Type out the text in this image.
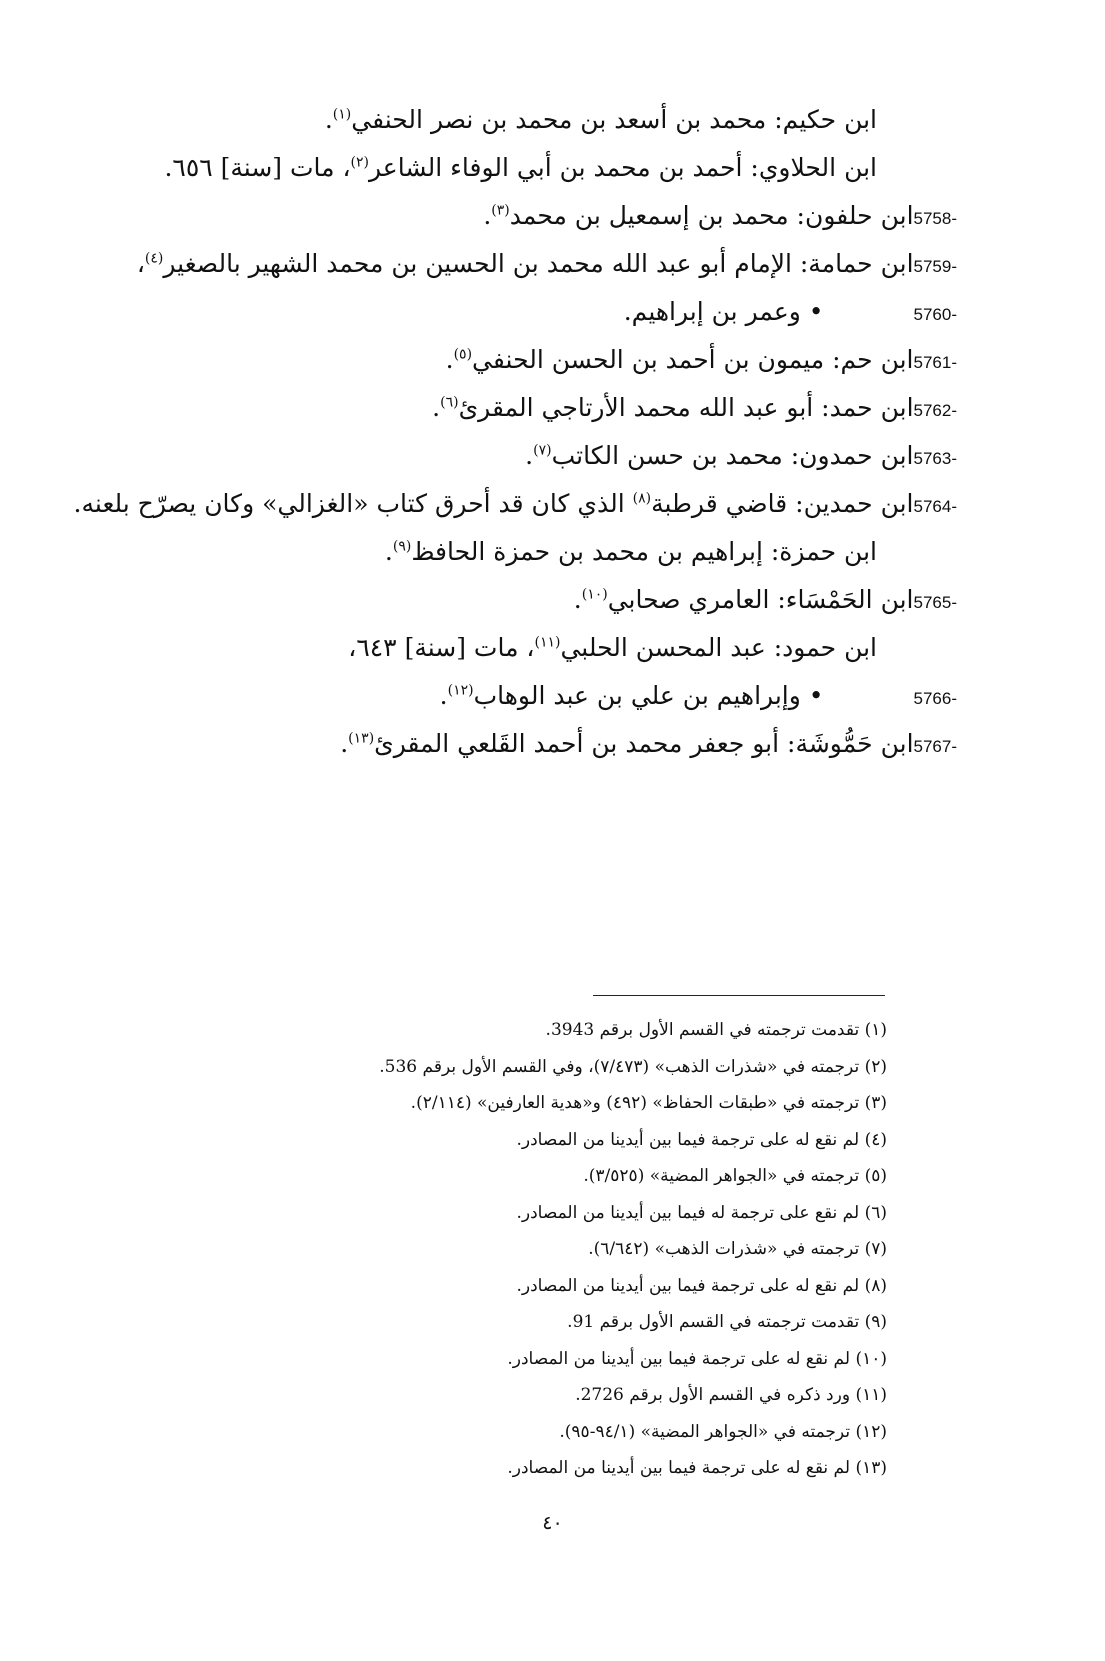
ابن حكيم: محمد بن أسعد بن محمد بن نصر الحنفي$^{(١)}$.
ابن الحلاوي: أحمد بن محمد بن أبي الوفاء الشاعر$^{(٢)}$، مات [سنة] ٦٥٦.
5758-ابن حلفون: محمد بن إسمعيل بن محمد$^{(٣)}$.
5759-ابن حمامة: الإمام أبو عبد الله محمد بن الحسين بن محمد الشهير بالصغير$^{(٤)}$،
5760-• وعمر بن إبراهيم.
5761-ابن حم: ميمون بن أحمد بن الحسن الحنفي$^{(٥)}$.
5762-ابن حمد: أبو عبد الله محمد الأرتاجي المقرئ$^{(٦)}$.
5763-ابن حمدون: محمد بن حسن الكاتب$^{(٧)}$.
5764-ابن حمدين: قاضي قرطبة$^{(٨)}$ الذي كان قد أحرق كتاب «الغزالي» وكان يصرّح بلعنه.
ابن حمزة: إبراهيم بن محمد بن حمزة الحافظ$^{(٩)}$.
5765-ابن الحَمْسَاء: العامري صحابي$^{(١٠)}$.
ابن حمود: عبد المحسن الحلبي$^{(١١)}$، مات [سنة] ٦٤٣،
5766-• وإبراهيم بن علي بن عبد الوهاب$^{(١٢)}$.
5767-ابن حَمُّوشَة: أبو جعفر محمد بن أحمد القَلعي المقرئ$^{(١٣)}$.
(١) تقدمت ترجمته في القسم الأول برقم 3943.
(٢) ترجمته في «شذرات الذهب» (٧/٤٧٣)، وفي القسم الأول برقم 536.
(٣) ترجمته في «طبقات الحفاظ» (٤٩٢) و«هدية العارفين» (٢/١١٤).
(٤) لم نقع له على ترجمة فيما بين أيدينا من المصادر.
(٥) ترجمته في «الجواهر المضية» (٣/٥٢٥).
(٦) لم نقع على ترجمة له فيما بين أيدينا من المصادر.
(٧) ترجمته في «شذرات الذهب» (٦/٦٤٢).
(٨) لم نقع له على ترجمة فيما بين أيدينا من المصادر.
(٩) تقدمت ترجمته في القسم الأول برقم 91.
(١٠) لم نقع له على ترجمة فيما بين أيدينا من المصادر.
(١١) ورد ذكره في القسم الأول برقم 2726.
(١٢) ترجمته في «الجواهر المضية» (٩٤/١-٩٥).
(١٣) لم نقع له على ترجمة فيما بين أيدينا من المصادر.
٤٠
